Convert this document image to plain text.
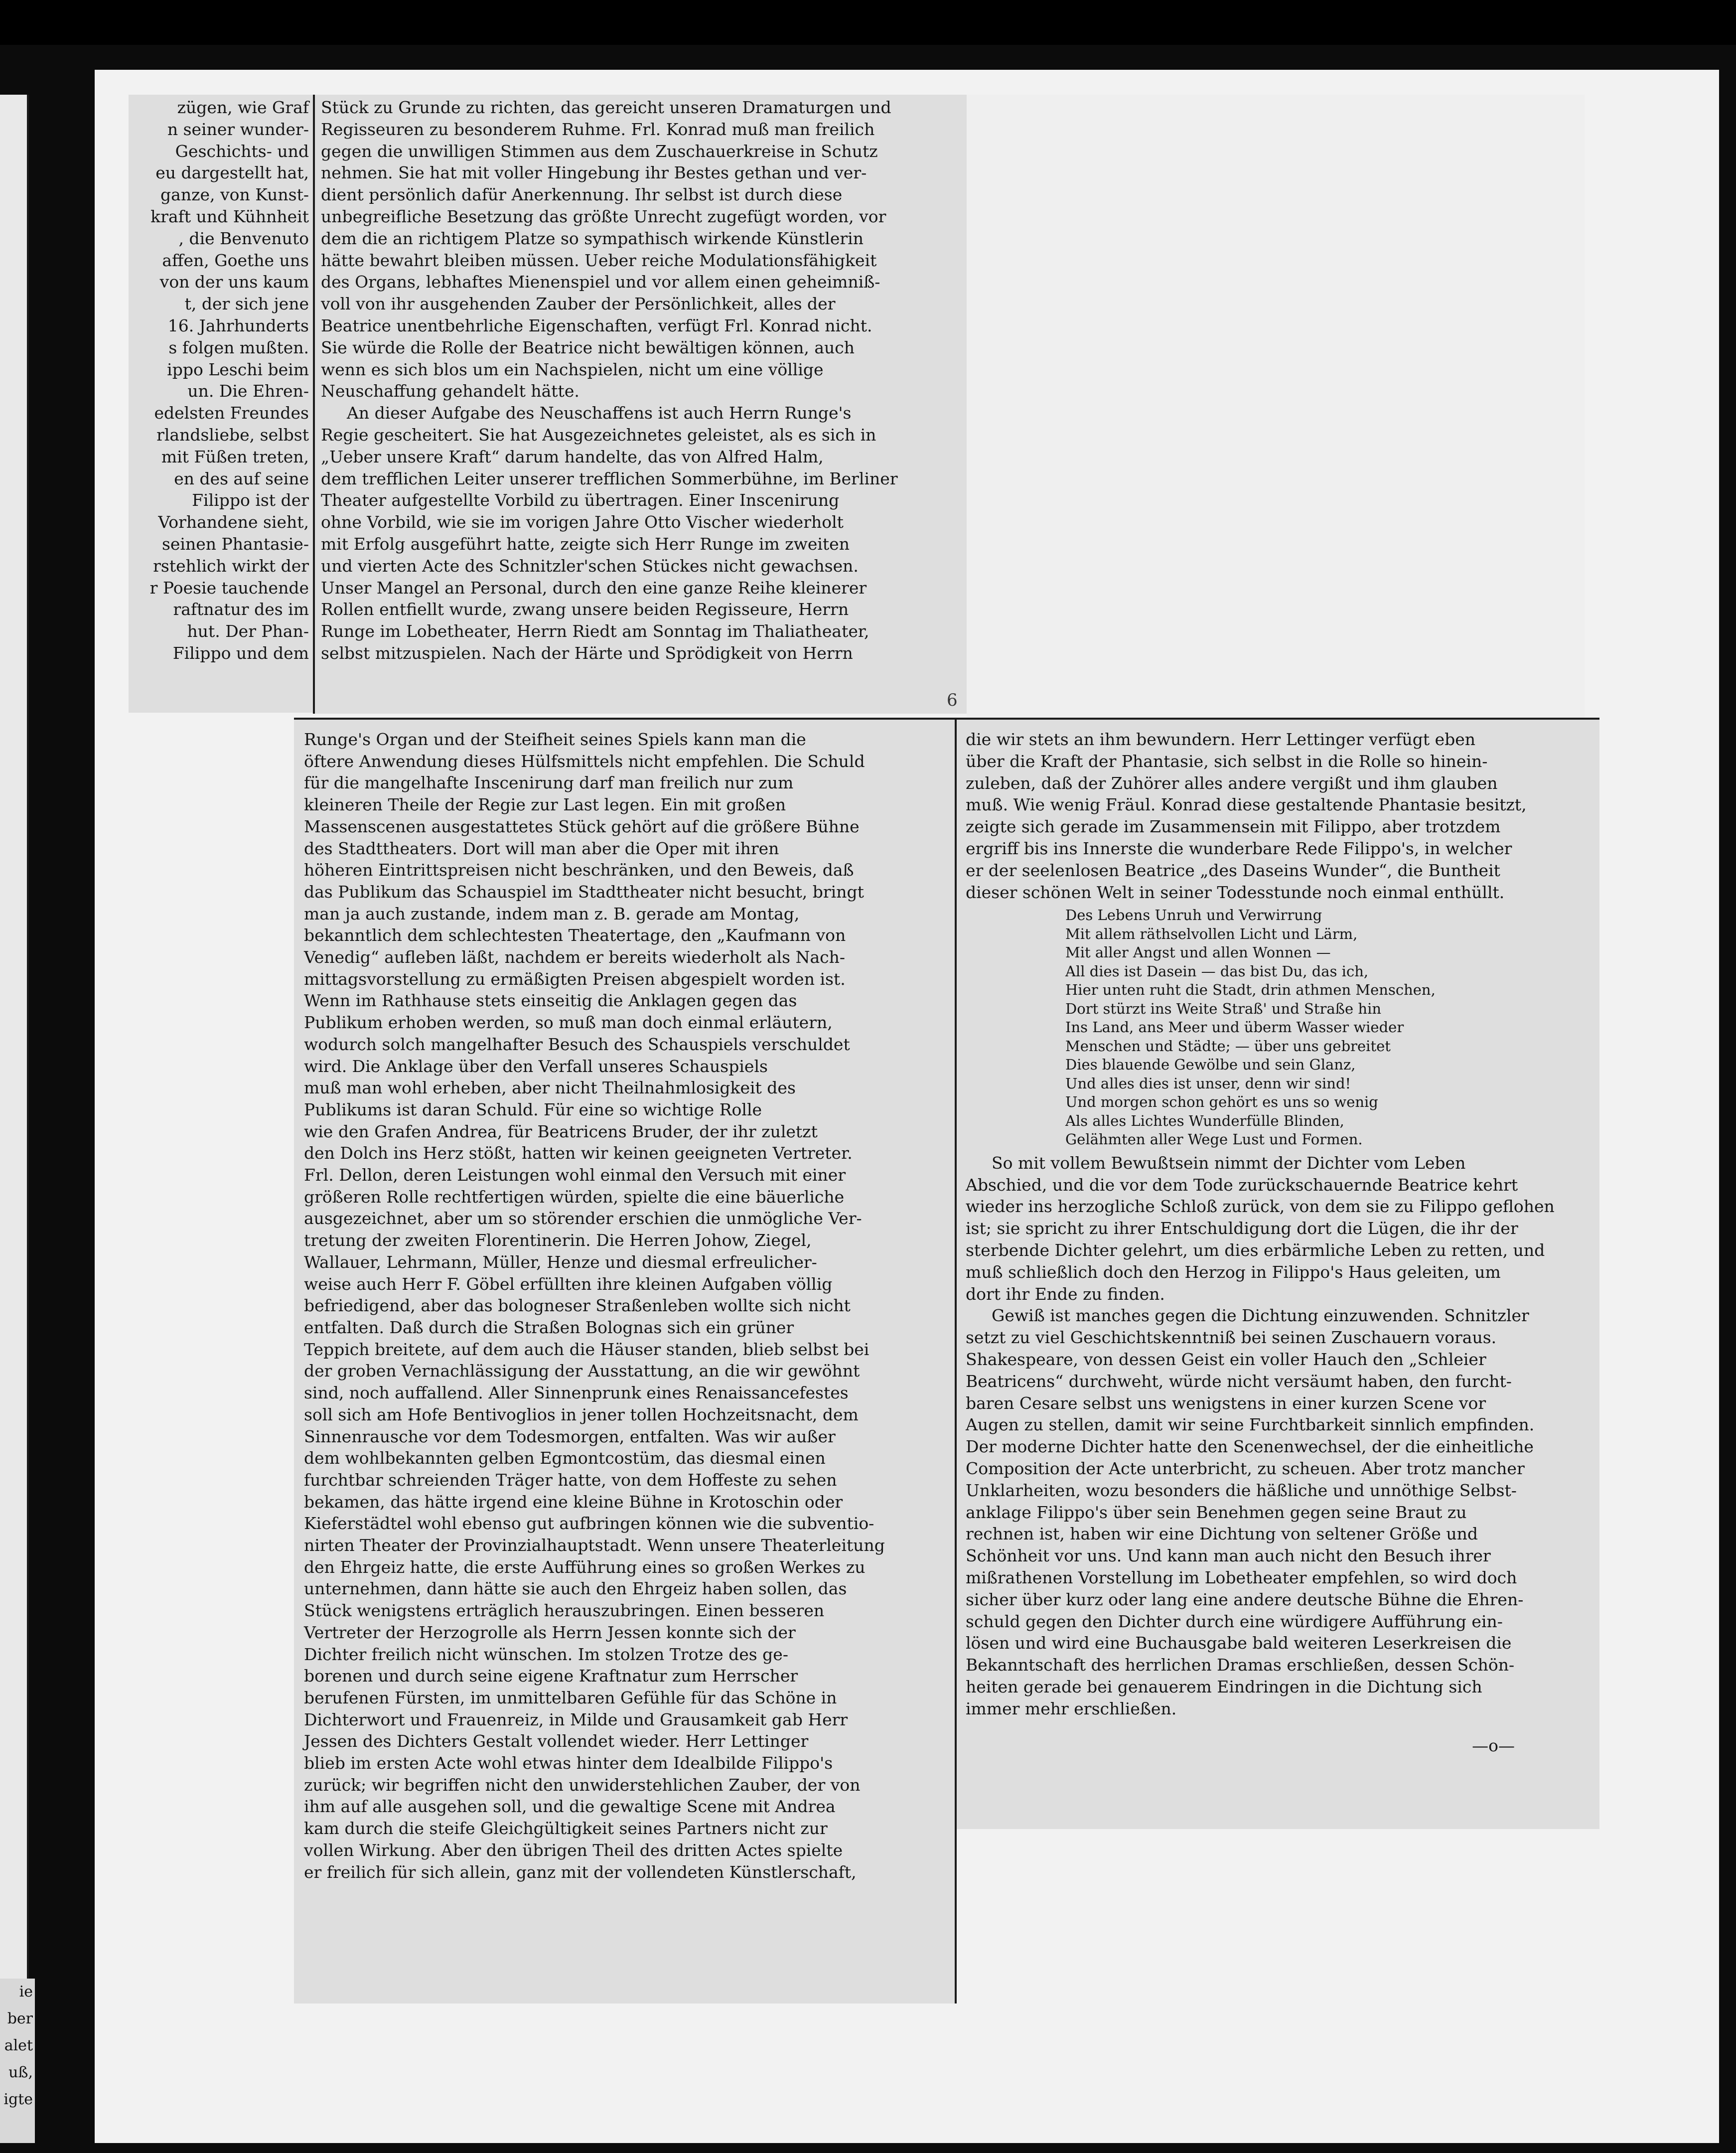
ie
ber
alet
uß,
igte
zügen, wie Graf
n seiner wunder-
Geschichts- und
eu dargestellt hat,
ganze, von Kunst-
kraft und Kühnheit
, die Benvenuto
affen, Goethe uns
von der uns kaum
t, der sich jene
16. Jahrhunderts
s folgen mußten.
ippo Leschi beim
un. Die Ehren-
edelsten Freundes
rlandsliebe, selbst
mit Füßen treten,
en des auf seine
Filippo ist der
Vorhandene sieht,
seinen Phantasie-
rstehlich wirkt der
r Poesie tauchende
raftnatur des im
hut. Der Phan-
Filippo und dem
Stück zu Grunde zu richten, das gereicht unseren Dramaturgen und
Regisseuren zu besonderem Ruhme. Frl. Konrad muß man freilich
gegen die unwilligen Stimmen aus dem Zuschauerkreise in Schutz
nehmen. Sie hat mit voller Hingebung ihr Bestes gethan und ver-
dient persönlich dafür Anerkennung. Ihr selbst ist durch diese
unbegreifliche Besetzung das größte Unrecht zugefügt worden, vor
dem die an richtigem Platze so sympathisch wirkende Künstlerin
hätte bewahrt bleiben müssen. Ueber reiche Modulationsfähigkeit
des Organs, lebhaftes Mienenspiel und vor allem einen geheimniß-
voll von ihr ausgehenden Zauber der Persönlichkeit, alles der
Beatrice unentbehrliche Eigenschaften, verfügt Frl. Konrad nicht.
Sie würde die Rolle der Beatrice nicht bewältigen können, auch
wenn es sich blos um ein Nachspielen, nicht um eine völlige
Neuschaffung gehandelt hätte.
An dieser Aufgabe des Neuschaffens ist auch Herrn Runge's
Regie gescheitert. Sie hat Ausgezeichnetes geleistet, als es sich in
„Ueber unsere Kraft“ darum handelte, das von Alfred Halm,
dem trefflichen Leiter unserer trefflichen Sommerbühne, im Berliner
Theater aufgestellte Vorbild zu übertragen. Einer Inscenirung
ohne Vorbild, wie sie im vorigen Jahre Otto Vischer wiederholt
mit Erfolg ausgeführt hatte, zeigte sich Herr Runge im zweiten
und vierten Acte des Schnitzler'schen Stückes nicht gewachsen.
Unser Mangel an Personal, durch den eine ganze Reihe kleinerer
Rollen entfiellt wurde, zwang unsere beiden Regisseure, Herrn
Runge im Lobetheater, Herrn Riedt am Sonntag im Thaliatheater,
selbst mitzuspielen. Nach der Härte und Sprödigkeit von Herrn
6
Runge's Organ und der Steifheit seines Spiels kann man die
öftere Anwendung dieses Hülfsmittels nicht empfehlen. Die Schuld
für die mangelhafte Inscenirung darf man freilich nur zum
kleineren Theile der Regie zur Last legen. Ein mit großen
Massenscenen ausgestattetes Stück gehört auf die größere Bühne
des Stadttheaters. Dort will man aber die Oper mit ihren
höheren Eintrittspreisen nicht beschränken, und den Beweis, daß
das Publikum das Schauspiel im Stadttheater nicht besucht, bringt
man ja auch zustande, indem man z. B. gerade am Montag,
bekanntlich dem schlechtesten Theatertage, den „Kaufmann von
Venedig“ aufleben läßt, nachdem er bereits wiederholt als Nach-
mittagsvorstellung zu ermäßigten Preisen abgespielt worden ist.
Wenn im Rathhause stets einseitig die Anklagen gegen das
Publikum erhoben werden, so muß man doch einmal erläutern,
wodurch solch mangelhafter Besuch des Schauspiels verschuldet
wird. Die Anklage über den Verfall unseres Schauspiels
muß man wohl erheben, aber nicht Theilnahmlosigkeit des
Publikums ist daran Schuld. Für eine so wichtige Rolle
wie den Grafen Andrea, für Beatricens Bruder, der ihr zuletzt
den Dolch ins Herz stößt, hatten wir keinen geeigneten Vertreter.
Frl. Dellon, deren Leistungen wohl einmal den Versuch mit einer
größeren Rolle rechtfertigen würden, spielte die eine bäuerliche
ausgezeichnet, aber um so störender erschien die unmögliche Ver-
tretung der zweiten Florentinerin. Die Herren Johow, Ziegel,
Wallauer, Lehrmann, Müller, Henze und diesmal erfreulicher-
weise auch Herr F. Göbel erfüllten ihre kleinen Aufgaben völlig
befriedigend, aber das bologneser Straßenleben wollte sich nicht
entfalten. Daß durch die Straßen Bolognas sich ein grüner
Teppich breitete, auf dem auch die Häuser standen, blieb selbst bei
der groben Vernachlässigung der Ausstattung, an die wir gewöhnt
sind, noch auffallend. Aller Sinnenprunk eines Renaissancefestes
soll sich am Hofe Bentivoglios in jener tollen Hochzeitsnacht, dem
Sinnenrausche vor dem Todesmorgen, entfalten. Was wir außer
dem wohlbekannten gelben Egmontcostüm, das diesmal einen
furchtbar schreienden Träger hatte, von dem Hoffeste zu sehen
bekamen, das hätte irgend eine kleine Bühne in Krotoschin oder
Kieferstädtel wohl ebenso gut aufbringen können wie die subventio-
nirten Theater der Provinzialhauptstadt. Wenn unsere Theaterleitung
den Ehrgeiz hatte, die erste Aufführung eines so großen Werkes zu
unternehmen, dann hätte sie auch den Ehrgeiz haben sollen, das
Stück wenigstens erträglich herauszubringen. Einen besseren
Vertreter der Herzogrolle als Herrn Jessen konnte sich der
Dichter freilich nicht wünschen. Im stolzen Trotze des ge-
borenen und durch seine eigene Kraftnatur zum Herrscher
berufenen Fürsten, im unmittelbaren Gefühle für das Schöne in
Dichterwort und Frauenreiz, in Milde und Grausamkeit gab Herr
Jessen des Dichters Gestalt vollendet wieder. Herr Lettinger
blieb im ersten Acte wohl etwas hinter dem Idealbilde Filippo's
zurück; wir begriffen nicht den unwiderstehlichen Zauber, der von
ihm auf alle ausgehen soll, und die gewaltige Scene mit Andrea
kam durch die steife Gleichgültigkeit seines Partners nicht zur
vollen Wirkung. Aber den übrigen Theil des dritten Actes spielte
er freilich für sich allein, ganz mit der vollendeten Künstlerschaft,
die wir stets an ihm bewundern. Herr Lettinger verfügt eben
über die Kraft der Phantasie, sich selbst in die Rolle so hinein-
zuleben, daß der Zuhörer alles andere vergißt und ihm glauben
muß. Wie wenig Fräul. Konrad diese gestaltende Phantasie besitzt,
zeigte sich gerade im Zusammensein mit Filippo, aber trotzdem
ergriff bis ins Innerste die wunderbare Rede Filippo's, in welcher
er der seelenlosen Beatrice „des Daseins Wunder“, die Buntheit
dieser schönen Welt in seiner Todesstunde noch einmal enthüllt.
Des Lebens Unruh und Verwirrung
Mit allem räthselvollen Licht und Lärm,
Mit aller Angst und allen Wonnen —
All dies ist Dasein — das bist Du, das ich,
Hier unten ruht die Stadt, drin athmen Menschen,
Dort stürzt ins Weite Straß' und Straße hin
Ins Land, ans Meer und überm Wasser wieder
Menschen und Städte; — über uns gebreitet
Dies blauende Gewölbe und sein Glanz,
Und alles dies ist unser, denn wir sind!
Und morgen schon gehört es uns so wenig
Als alles Lichtes Wunderfülle Blinden,
Gelähmten aller Wege Lust und Formen.
So mit vollem Bewußtsein nimmt der Dichter vom Leben
Abschied, und die vor dem Tode zurückschauernde Beatrice kehrt
wieder ins herzogliche Schloß zurück, von dem sie zu Filippo geflohen
ist; sie spricht zu ihrer Entschuldigung dort die Lügen, die ihr der
sterbende Dichter gelehrt, um dies erbärmliche Leben zu retten, und
muß schließlich doch den Herzog in Filippo's Haus geleiten, um
dort ihr Ende zu finden.
Gewiß ist manches gegen die Dichtung einzuwenden. Schnitzler
setzt zu viel Geschichtskenntniß bei seinen Zuschauern voraus.
Shakespeare, von dessen Geist ein voller Hauch den „Schleier
Beatricens“ durchweht, würde nicht versäumt haben, den furcht-
baren Cesare selbst uns wenigstens in einer kurzen Scene vor
Augen zu stellen, damit wir seine Furchtbarkeit sinnlich empfinden.
Der moderne Dichter hatte den Scenenwechsel, der die einheitliche
Composition der Acte unterbricht, zu scheuen. Aber trotz mancher
Unklarheiten, wozu besonders die häßliche und unnöthige Selbst-
anklage Filippo's über sein Benehmen gegen seine Braut zu
rechnen ist, haben wir eine Dichtung von seltener Größe und
Schönheit vor uns. Und kann man auch nicht den Besuch ihrer
mißrathenen Vorstellung im Lobetheater empfehlen, so wird doch
sicher über kurz oder lang eine andere deutsche Bühne die Ehren-
schuld gegen den Dichter durch eine würdigere Aufführung ein-
lösen und wird eine Buchausgabe bald weiteren Leserkreisen die
Bekanntschaft des herrlichen Dramas erschließen, dessen Schön-
heiten gerade bei genauerem Eindringen in die Dichtung sich
immer mehr erschließen.
—o—
